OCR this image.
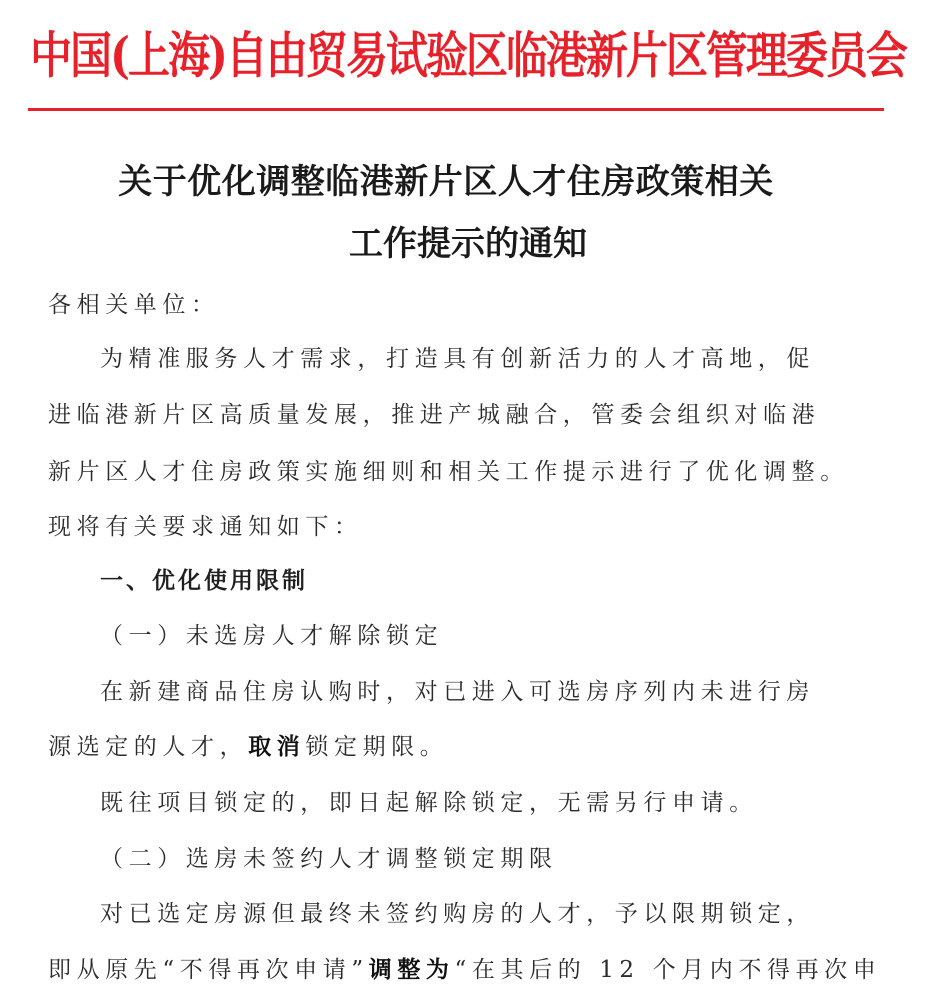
中国(上海)自由贸易试验区临港新片区管理委员会
关于优化调整临港新片区人才住房政策相关
工作提示的通知
各相关单位：
为精准服务人才需求，打造具有创新活力的人才高地，促
进临港新片区高质量发展，推进产城融合，管委会组织对临港
新片区人才住房政策实施细则和相关工作提示进行了优化调整。
现将有关要求通知如下：
一、优化使用限制
（一）未选房人才解除锁定
在新建商品住房认购时，对已进入可选房序列内未进行房
源选定的人才，取消锁定期限。
既往项目锁定的，即日起解除锁定，无需另行申请。
（二）选房未签约人才调整锁定期限
对已选定房源但最终未签约购房的人才，予以限期锁定，
即从原先“不得再次申请”调整为“在其后的 12 个月内不得再次申
